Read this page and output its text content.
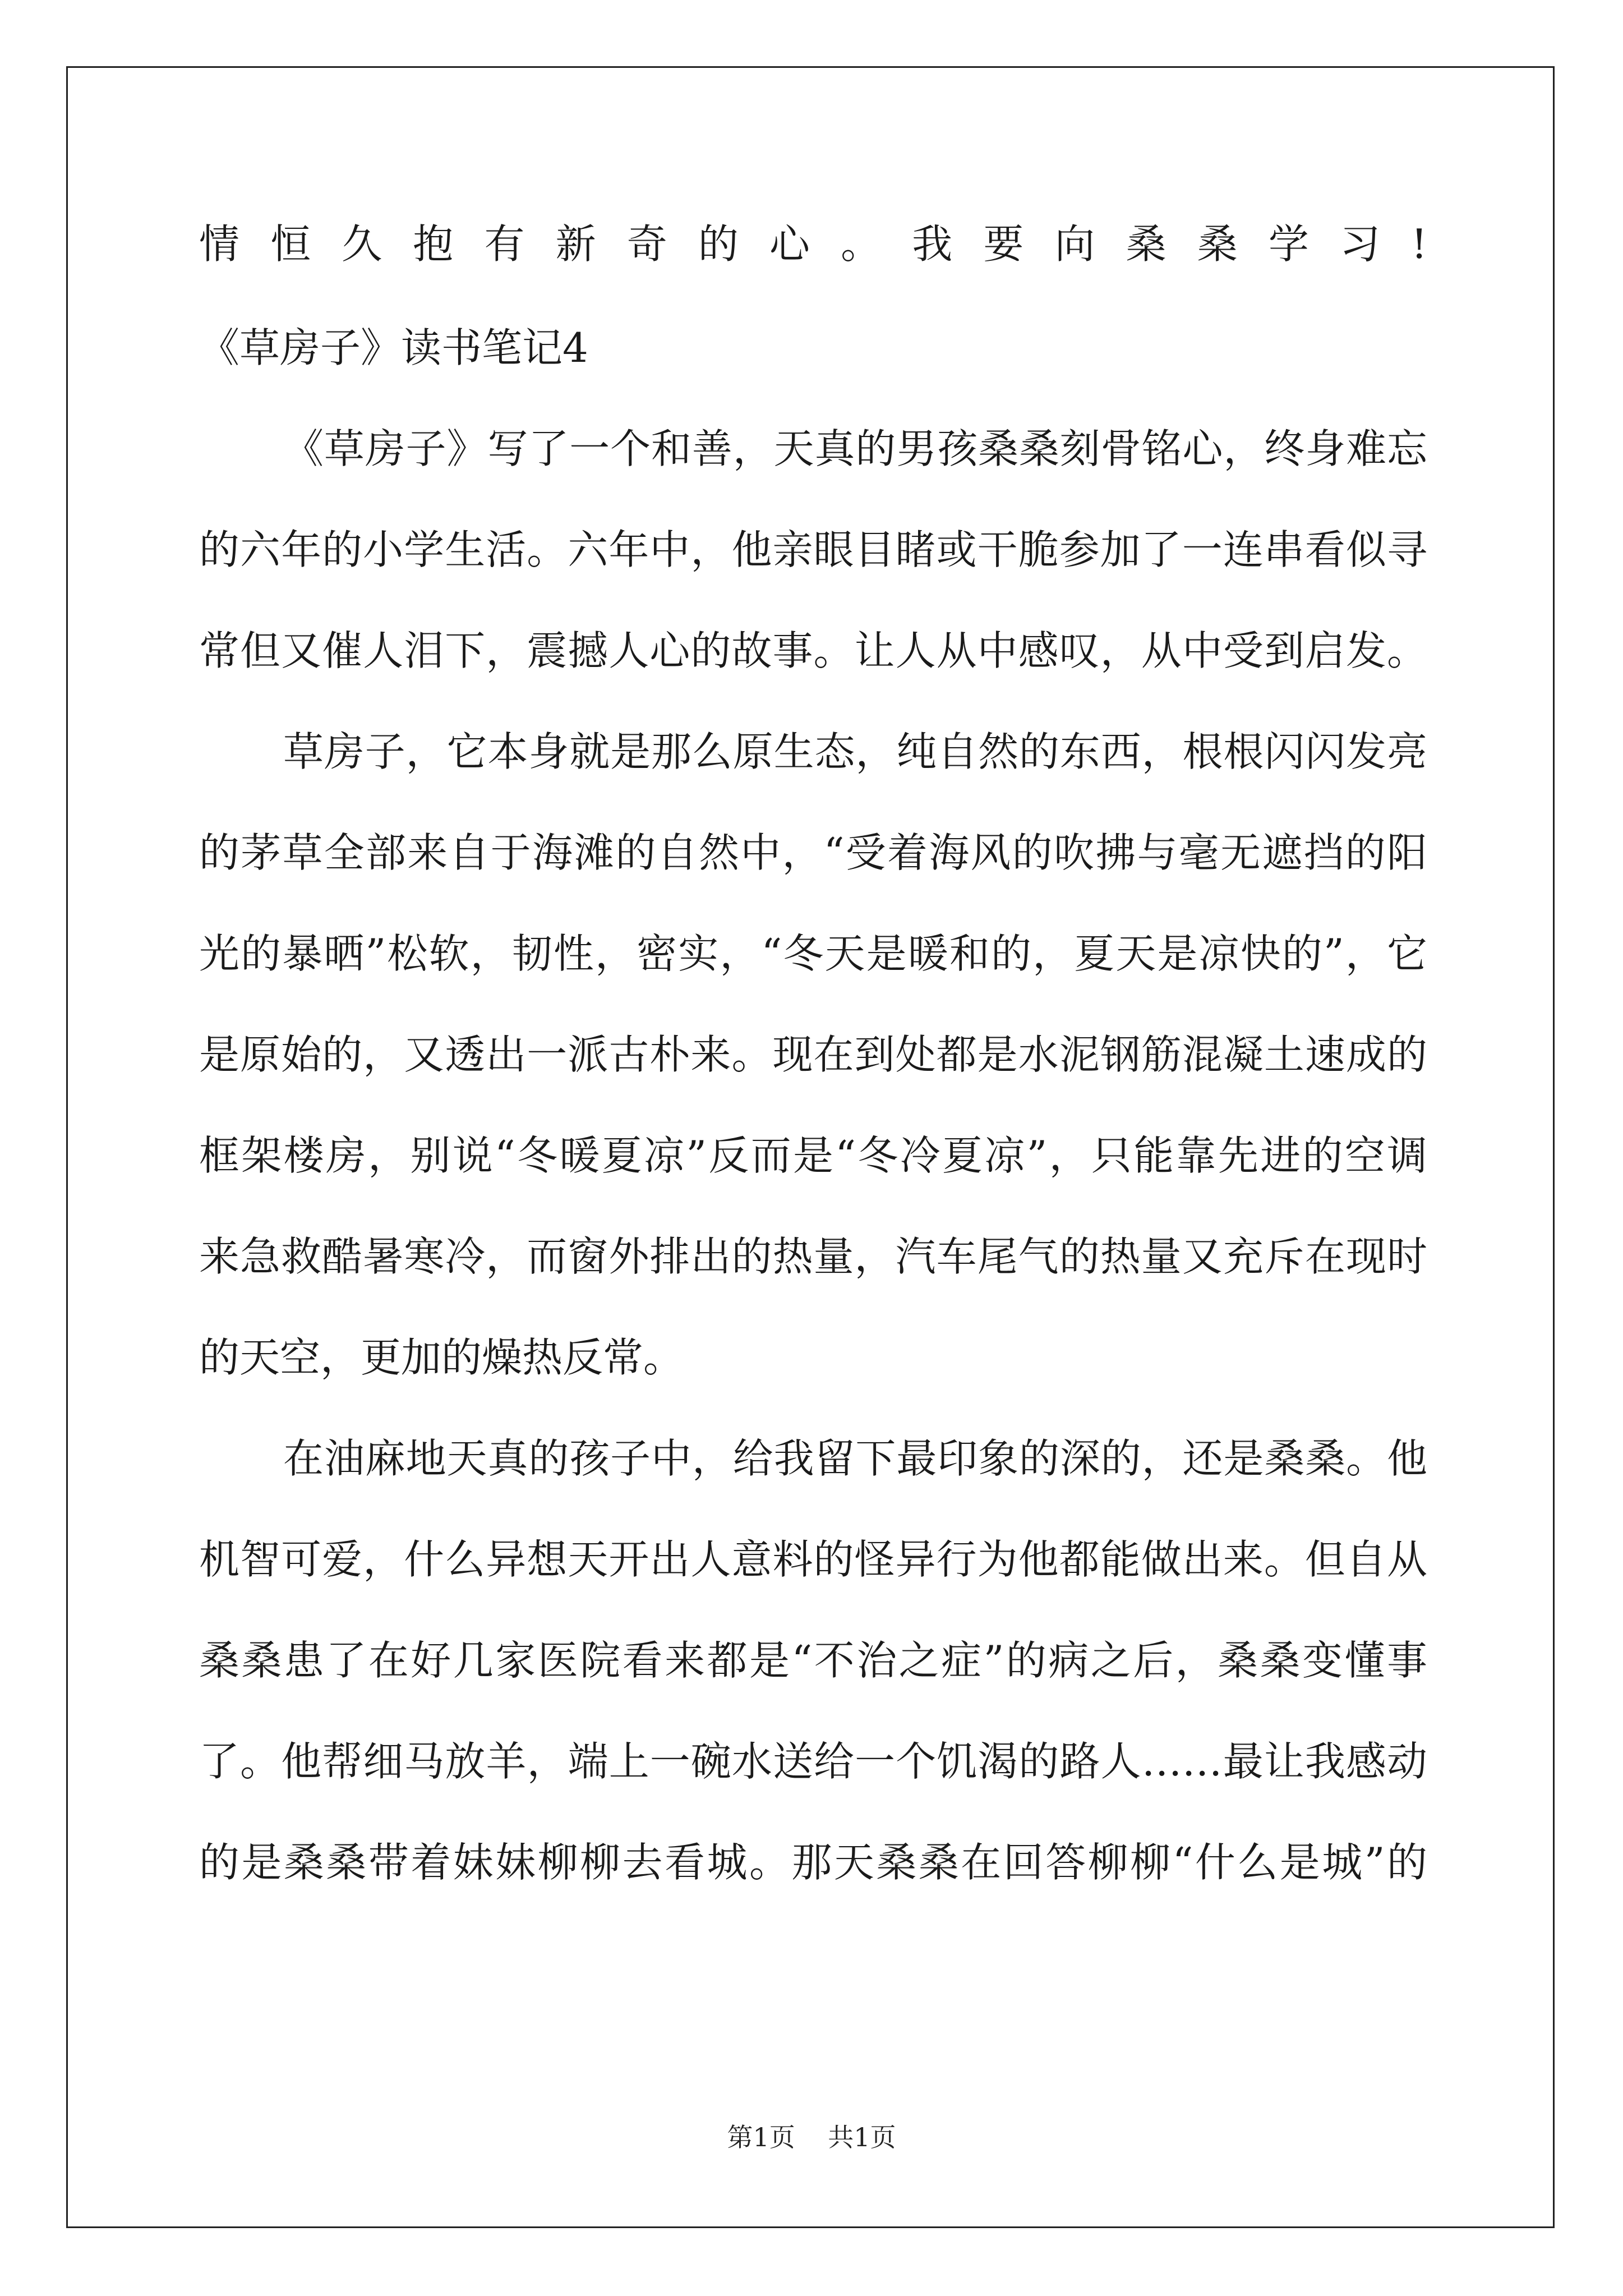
情恒久抱有新奇的心。我要向桑桑学习!
《草房子》读书笔记4
《草房子》写了一个和善，天真的男孩桑桑刻骨铭心，终身难忘
的六年的小学生活。六年中，他亲眼目睹或干脆参加了一连串看似寻
常但又催人泪下，震撼人心的故事。让人从中感叹，从中受到启发。
草房子，它本身就是那么原生态，纯自然的东西，根根闪闪发亮
的茅草全部来自于海滩的自然中，“受着海风的吹拂与毫无遮挡的阳
光的暴晒”松软，韧性，密实，“冬天是暖和的，夏天是凉快的”，它
是原始的，又透出一派古朴来。现在到处都是水泥钢筋混凝土速成的
框架楼房，别说“冬暖夏凉”反而是“冬冷夏凉”，只能靠先进的空调
来急救酷暑寒冷，而窗外排出的热量，汽车尾气的热量又充斥在现时
的天空，更加的燥热反常。
在油麻地天真的孩子中，给我留下最印象的深的，还是桑桑。他
机智可爱，什么异想天开出人意料的怪异行为他都能做出来。但自从
桑桑患了在好几家医院看来都是“不治之症”的病之后，桑桑变懂事
了。他帮细马放羊，端上一碗水送给一个饥渴的路人……最让我感动
的是桑桑带着妹妹柳柳去看城。那天桑桑在回答柳柳“什么是城”的
第1页 共1页
